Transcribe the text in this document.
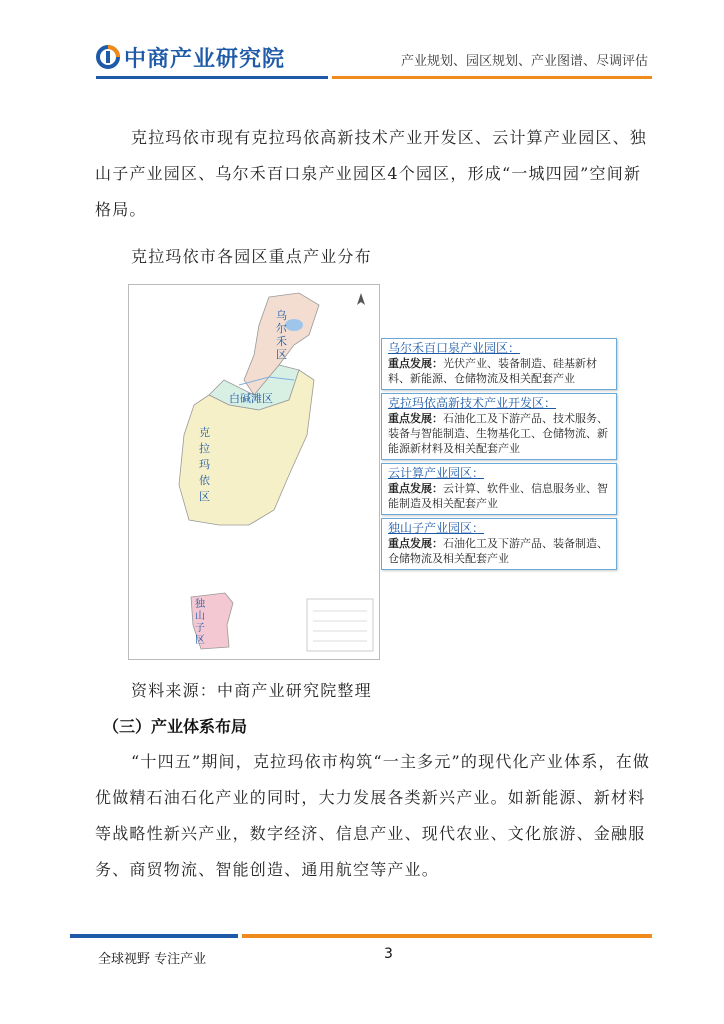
中商产业研究院	产业规划、园区规划、产业图谱、尽调评估
克拉玛依市现有克拉玛依高新技术产业开发区、云计算产业园区、独山子产业园区、乌尔禾百口泉产业园区4个园区，形成“一城四园”空间新格局。
克拉玛依市各园区重点产业分布
乌尔禾区
白碱滩区
克拉玛依区
独山子区
乌尔禾百口泉产业园区：
重点发展：光伏产业、装备制造、硅基新材料、新能源、仓储物流及相关配套产业
克拉玛依高新技术产业开发区：
重点发展：石油化工及下游产品、技术服务、装备与智能制造、生物基化工、仓储物流、新能源新材料及相关配套产业
云计算产业园区：
重点发展：云计算、软件业、信息服务业、智能制造及相关配套产业
独山子产业园区：
重点发展：石油化工及下游产品、装备制造、仓储物流及相关配套产业
资料来源：中商产业研究院整理
（三）产业体系布局
“十四五”期间，克拉玛依市构筑“一主多元”的现代化产业体系，在做优做精石油石化产业的同时，大力发展各类新兴产业。如新能源、新材料等战略性新兴产业，数字经济、信息产业、现代农业、文化旅游、金融服务、商贸物流、智能创造、通用航空等产业。
全球视野 专注产业	3
